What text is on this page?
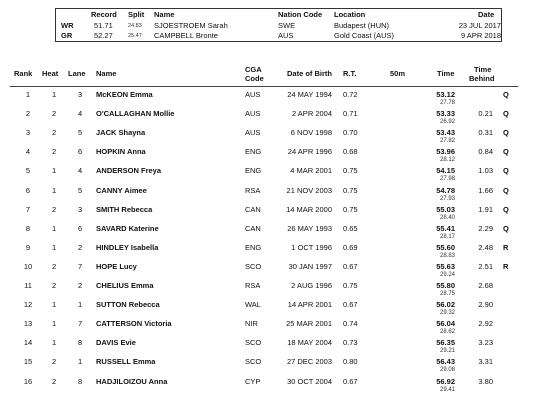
Record Split Name	Nation Code Location	Date
WR	51.71	24.83 SJOESTROEM Sarah	SWE	Budapest (HUN)	23 JUL 2017
GR	52.27	25.47 CAMPBELL Bronte	AUS	Gold Coast (AUS)	9 APR 2018
Rank Heat Lane Name	CGA
Code
Date of Birth R.T.	50m	Time	Time
Behind
1	1	3 McKEON Emma	AUS	24 MAY 1994 0.72	53.12	Q
27.78
2	2	4 O'CALLAGHAN Mollie	AUS	2 APR 2004 0.71	53.33	0.21 Q
26.92
3	2	5 JACK Shayna	AUS	6 NOV 1998 0.70	53.43	0.31 Q
27.82
4	2	6 HOPKIN Anna	ENG	24 APR 1996 0.68	53.96	0.84 Q
28.12
5	1	4 ANDERSON Freya	ENG	4 MAR 2001 0.75	54.15	1.03 Q
27.98
6	1	5 CANNY Aimee	RSA	21 NOV 2003 0.75	54.78	1.66 Q
27.93
7	2	3 SMITH Rebecca	CAN	14 MAR 2000 0.75	55.03	1.91 Q
28.40
8	1	6 SAVARD Katerine	CAN	26 MAY 1993 0.65	55.41	2.29 Q
28.17
9	1	2 HINDLEY Isabella	ENG	1 OCT 1996 0.69	55.60	2.48 R
28.83
10	2	7 HOPE Lucy	SCO	30 JAN 1997 0.67	55.63	2.51 R
29.24
11	2	2 CHELIUS Emma	RSA	2 AUG 1996 0.75	55.80	2.68
28.75
12	1	1 SUTTON Rebecca	WAL	14 APR 2001 0.67	56.02	2.90
29.32
13	1	7 CATTERSON Victoria	NIR	25 MAR 2001 0.74	56.04	2.92
28.62
14	1	8 DAVIS Evie	SCO	18 MAY 2004 0.73	56.35	3.23
29.21
15	2	1 RUSSELL Emma	SCO	27 DEC 2003 0.80	56.43	3.31
29.08
16	2	8 HADJILOIZOU Anna	CYP	30 OCT 2004 0.67	56.92	3.80
29.41
